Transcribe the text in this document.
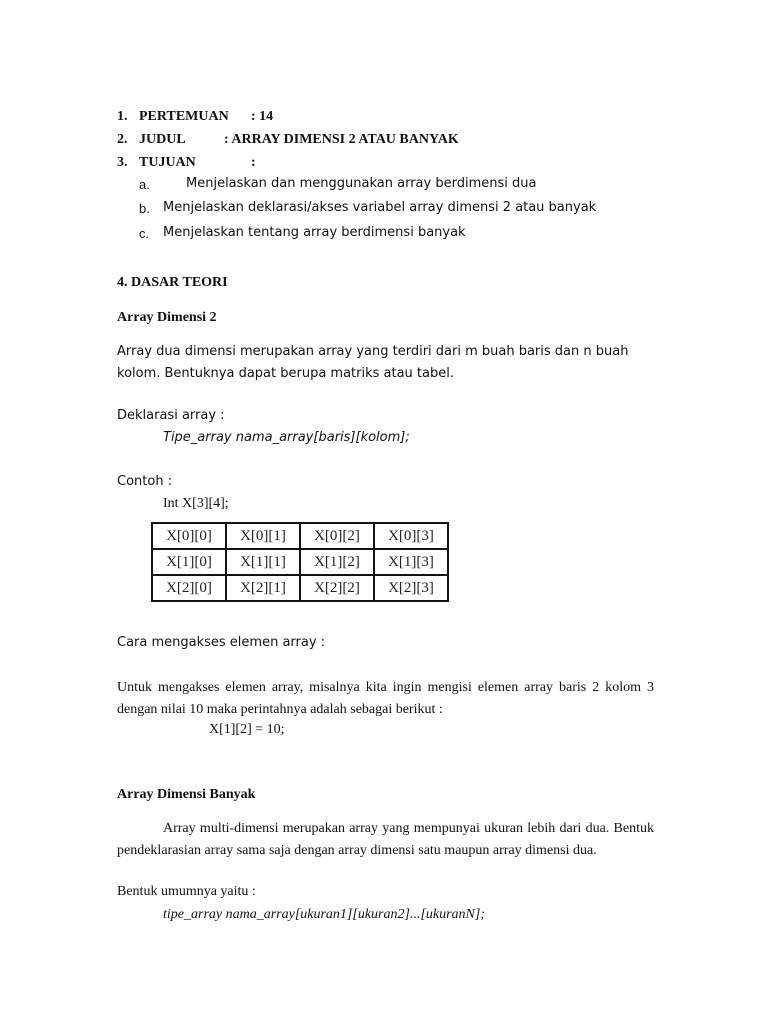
1. PERTEMUAN : 14
2. JUDUL	: ARRAY DIMENSI 2 ATAU BANYAK
3. TUJUAN	:
a.	Menjelaskan dan menggunakan array berdimensi dua
b. Menjelaskan deklarasi/akses variabel array dimensi 2 atau banyak
c. Menjelaskan tentang array berdimensi banyak
4. DASAR TEORI
Array Dimensi 2
Array dua dimensi merupakan array yang terdiri dari m buah baris dan n buah kolom. Bentuknya dapat berupa matriks atau tabel.
Deklarasi array :
Tipe_array nama_array[baris][kolom];
Contoh :
Int X[3][4];
X[0][0]	X[0][1]	X[0][2]	X[0][3]
X[1][0]	X[1][1]	X[1][2]	X[1][3]
X[2][0]	X[2][1]	X[2][2]	X[2][3]
Cara mengakses elemen array :
Untuk mengakses elemen array, misalnya kita ingin mengisi elemen array baris 2 kolom 3 dengan nilai 10 maka perintahnya adalah sebagai berikut :
X[1][2] = 10;
Array Dimensi Banyak
Array multi-dimensi merupakan array yang mempunyai ukuran lebih dari dua. Bentuk pendeklarasian array sama saja dengan array dimensi satu maupun array dimensi dua.
Bentuk umumnya yaitu :
tipe_array nama_array[ukuran1][ukuran2]...[ukuranN];
